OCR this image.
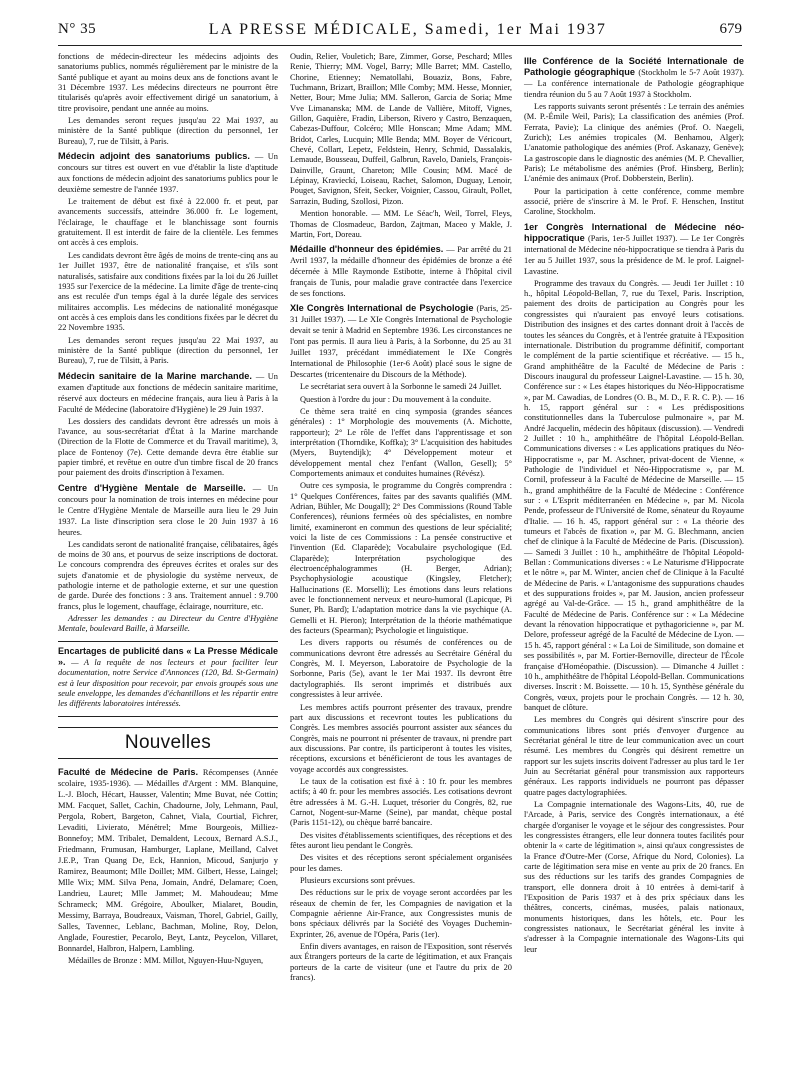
N° 35	LA PRESSE MÉDICALE, Samedi, 1er Mai 1937	679

fonctions de médecin-directeur les médecins adjoints des sanatoriums publics, nommés régulièrement par le ministre de la Santé publique et ayant au moins deux ans de fonctions avant le 31 Décembre 1937. Les médecins directeurs ne pourront être titularisés qu'après avoir effectivement dirigé un sanatorium, à titre provisoire, pendant une année au moins.

Les demandes seront reçues jusqu'au 22 Mai 1937, au ministère de la Santé publique (direction du personnel, 1er Bureau), 7, rue de Tilsitt, à Paris.

Médecin adjoint des sanatoriums publics. — Un concours sur titres est ouvert en vue d'établir la liste d'aptitude aux fonctions de médecin adjoint des sanatoriums publics pour le deuxième semestre de l'année 1937.

Le traitement de début est fixé à 22.000 fr. et peut, par avancements successifs, atteindre 36.000 fr. Le logement, l'éclairage, le chauffage et le blanchissage sont fournis gratuitement. Il est interdit de faire de la clientèle. Les femmes ont accès à ces emplois.

Les candidats devront être âgés de moins de trente-cinq ans au 1er Juillet 1937, être de nationalité française, et s'ils sont naturalisés, satisfaire aux conditions fixées par la loi du 26 Juillet 1935 sur l'exercice de la médecine. La limite d'âge de trente-cinq ans est reculée d'un temps égal à la durée légale des services militaires accomplis. Les médecins de nationalité monégasque ont accès à ces emplois dans les conditions fixées par le décret du 22 Novembre 1935.

Les demandes seront reçues jusqu'au 22 Mai 1937, au ministère de la Santé publique (direction du personnel, 1er Bureau), 7, rue de Tilsitt, à Paris.

Médecin sanitaire de la Marine marchande. — Un examen d'aptitude aux fonctions de médecin sanitaire maritime, réservé aux docteurs en médecine français, aura lieu à Paris à la Faculté de Médecine (laboratoire d'Hygiène) le 29 Juin 1937.

Les dossiers des candidats devront être adressés un mois à l'avance, au sous-secrétariat d'État à la Marine marchande (Direction de la Flotte de Commerce et du Travail maritime), 3, place de Fontenoy (7e). Cette demande devra être établie sur papier timbré, et revêtue en outre d'un timbre fiscal de 20 francs pour paiement des droits d'inscription à l'examen.

Centre d'Hygiène Mentale de Marseille. — Un concours pour la nomination de trois internes en médecine pour le Centre d'Hygiène Mentale de Marseille aura lieu le 29 Juin 1937. La liste d'inscription sera close le 20 Juin 1937 à 16 heures.

Les candidats seront de nationalité française, célibataires, âgés de moins de 30 ans, et pourvus de seize inscriptions de doctorat. Le concours comprendra des épreuves écrites et orales sur des sujets d'anatomie et de physiologie du système nerveux, de pathologie interne et de pathologie externe, et sur une question de garde. Durée des fonctions : 3 ans. Traitement annuel : 9.700 francs, plus le logement, chauffage, éclairage, nourriture, etc.

Adresser les demandes : au Directeur du Centre d'Hygiène Mentale, boulevard Baille, à Marseille.

Encartages de publicité dans « La Presse Médicale ». — A la requête de nos lecteurs et pour faciliter leur documentation, notre Service d'Annonces (120, Bd. St-Germain) est à leur disposition pour recevoir, par envois groupés sous une seule enveloppe, les demandes d'échantillons et les répartir entre les différents laboratoires intéressés.

Nouvelles
Faculté de Médecine de Paris. Récompenses (Année scolaire, 1935-1936). — Médailles d'Argent : MM. Blanquine, L.-J. Bloch, Hécart, Hausser, Valentin; Mme Buvat, née Cottin; MM. Facquet, Sallet, Cachin, Chadourne, Joly, Lehmann, Paul, Pergola, Robert, Bargeton, Cahnet, Viala, Courtial, Fichrer, Levaditi, Livierato, Ménétrel; Mme Bourgeois, Milliez-Bonnefoy; MM. Tribalet, Demaldent, Lecoux, Bernard A.S.J., Friedmann, Frumusan, Hamburger, Laplane, Meilland, Calvet J.E.P., Tran Quang De, Eck, Hannion, Micoud, Sanjurjo y Ramirez, Beaumont; Mlle Doillet; MM. Gilbert, Hesse, Laingel; Mlle Wix; MM. Silva Pena, Jomain, André, Delamare; Coen, Landrieu, Lauret; Mlle Jammet; M. Mahoudeau; Mme Schrameck; MM. Grégoire, Aboulker, Mialaret, Boudin, Messimy, Barraya, Boudreaux, Vaisman, Thorel, Gabriel, Gailly, Salles, Tavennec, Leblanc, Bachman, Moline, Roy, Delon, Anglade, Fourestier, Pecarolo, Beyt, Lantz, Peycelon, Villaret, Bonnardel, Halbron, Halpern, Lambling.

Médailles de Bronze : MM. Millot, Nguyen-Huu-Nguyen,

Oudin, Relier, Vouletich; Bare, Zimmer, Gorse, Peschard; Mlles Renie, Thierry; MM. Vogel, Barry; Mlle Barret; MM. Castello, Chorine, Etienney; Nematollahi, Bouaziz, Bons, Fabre, Tuchmann, Brizart, Braillon; Mlle Comby; MM. Hesse, Monnier, Netter, Bour; Mme Julia; MM. Salleron, Garcia de Soria; Mme Vve Limananska; MM. de Lande de Vallière, Mitoff, Vignes, Gillon, Gaquière, Fradin, Liberson, Rivero y Castro, Benzaquen, Cabezas-Duffour, Colcéro; Mlle Honscan; Mme Adam; MM. Bridot, Carles, Lucquin; Mlle Benda; MM. Boyer de Véricourt, Chevé, Collart, Lepetz, Feldstein, Henry, Schmid, Dassalakis, Lemaude, Bousseau, Duffeil, Galbrun, Ravelo, Daniels, François-Dainville, Graunt, Chareton; Mlle Cousin; MM. Macé de Lépinay, Kravieckí, Loiseau, Rachet, Salomon, Duguay, Lenoir, Pouget, Savignon, Sfeit, Secker, Voignier, Cassou, Girault, Pollet, Sarrazin, Buding, Szollosi, Pizon.

Mention honorable. — MM. Le Séac'h, Weil, Torrel, Fleys, Thomas de Closmadeuc, Bardon, Zajtman, Maceo y Makle, J. Martin, Fort, Doreau.

Médaille d'honneur des épidémies. — Par arrêté du 21 Avril 1937, la médaille d'honneur des épidémies de bronze a été décernée à Mlle Raymonde Estibotte, interne à l'hôpital civil français de Tunis, pour maladie grave contractée dans l'exercice de ses fonctions.
XIe Congrès International de Psychologie (Paris, 25-31 Juillet 1937). — Le XIe Congrès International de Psychologie devait se tenir à Madrid en Septembre 1936. Les circonstances ne l'ont pas permis. Il aura lieu à Paris, à la Sorbonne, du 25 au 31 Juillet 1937, précédant immédiatement le IXe Congrès International de Philosophie (1er-6 Août) placé sous le signe de Descartes (tricentenaire du Discours de la Méthode).

Le secrétariat sera ouvert à la Sorbonne le samedi 24 Juillet.

Question à l'ordre du jour : Du mouvement à la conduite.

Ce thème sera traité en cinq symposia (grandes séances générales) : 1° Morphologie des mouvements (A. Michotte, rapporteur); 2° Le rôle de l'effet dans l'apprentissage et son interprétation (Thorndike, Koffka); 3° L'acquisition des habitudes (Myers, Buytendijk); 4° Développement moteur et développement mental chez l'enfant (Wallon, Gesell); 5° Comportements animaux et conduites humaines (Révész).

Outre ces symposia, le programme du Congrès comprendra : 1° Quelques Conférences, faites par des savants qualifiés (MM. Adrian, Bühler, Mc Dougall); 2° Des Commissions (Round Table Conferences), réunions fermées où des spécialistes, en nombre limité, examineront en commun des questions de leur spécialité; voici la liste de ces Commissions : La pensée constructive et l'invention (Ed. Claparède); Vocabulaire psychologique (Ed. Claparède); Interprétation psychologique des électroencéphalogrammes (H. Berger, Adrian); Psychophysiologie acoustique (Kingsley, Fletcher); Hallucinations (E. Morselli); Les émotions dans leurs relations avec le fonctionnement nerveux et neuro-humoral (Lapicque, Pi Suner, Ph. Bard); L'adaptation motrice dans la vie psychique (A. Gemelli et H. Pieron); Interprétation de la théorie mathématique des facteurs (Spearman); Psychologie et linguistique.

Les divers rapports ou résumés de conférences ou de communications devront être adressés au Secrétaire Général du Congrès, M. I. Meyerson, Laboratoire de Psychologie de la Sorbonne, Paris (5e), avant le 1er Mai 1937. Ils devront être dactylographiés. Ils seront imprimés et distribués aux congressistes à leur arrivée.

Les membres actifs pourront présenter des travaux, prendre part aux discussions et recevront toutes les publications du Congrès. Les membres associés pourront assister aux séances du Congrès, mais ne pourront ni présenter de travaux, ni prendre part aux discussions. Par contre, ils participeront à toutes les visites, réceptions, excursions et bénéficieront de tous les avantages de voyage accordés aux congressistes.

Le taux de la cotisation est fixé à : 10 fr. pour les membres actifs; à 40 fr. pour les membres associés. Les cotisations devront être adressées à M. G.-H. Luquet, trésorier du Congrès, 82, rue Carnot, Nogent-sur-Marne (Seine), par mandat, chèque postal (Paris 1151-12), ou chèque barré bancaire.

Des visites d'établissements scientifiques, des réceptions et des fêtes auront lieu pendant le Congrès.

Des visites et des réceptions seront spécialement organisées pour les dames.

Plusieurs excursions sont prévues.

Des réductions sur le prix de voyage seront accordées par les réseaux de chemin de fer, les Compagnies de navigation et la Compagnie aérienne Air-France, aux Congressistes munis de bons spéciaux délivrés par la Société des Voyages Duchemin-Exprinter, 26, avenue de l'Opéra, Paris (1er).

Enfin divers avantages, en raison de l'Exposition, sont réservés aux Étrangers porteurs de la carte de légitimation, et aux Français porteurs de la carte de visiteur (une et l'autre du prix de 20 francs).

IIIe Conférence de la Société Internationale de Pathologie géographique (Stockholm le 5-7 Août 1937). — La conférence internationale de Pathologie géographique tiendra réunion du 5 au 7 Août 1937 à Stockholm.

Les rapports suivants seront présentés : Le terrain des anémies (M. P.-Émile Weil, Paris); La classification des anémies (Prof. Ferrata, Pavie); La clinique des anémies (Prof. O. Naegeli, Zurich); Les anémies tropicales (M. Benhamou, Alger); L'anatomie pathologique des anémies (Prof. Askanazy, Genève); La gastroscopie dans le diagnostic des anémies (M. P. Chevallier, Paris); Le métabolisme des anémies (Prof. Hinsberg, Berlin); L'anémie des animaux (Prof. Dobberstein, Berlin).

Pour la participation à cette conférence, comme membre associé, prière de s'inscrire à M. le Prof. F. Henschen, Institut Caroline, Stockholm.

1er Congrès International de Médecine néo-hippocratique (Paris, 1er-5 Juillet 1937). — Le 1er Congrès international de Médecine néo-hippocratique se tiendra à Paris du 1er au 5 Juillet 1937, sous la présidence de M. le prof. Laignel-Lavastine.

Programme des travaux du Congrès. — Jeudi 1er Juillet : 10 h., hôpital Léopold-Bellan, 7, rue du Texel, Paris. Inscription, paiement des droits de participation au Congrès pour les congressistes qui n'auraient pas envoyé leurs cotisations. Distribution des insignes et des cartes donnant droit à l'accès de toutes les séances du Congrès, et à l'entrée gratuite à l'Exposition internationale. Distribution du programme définitif, comportant le complément de la partie scientifique et récréative. — 15 h., Grand amphithéâtre de la Faculté de Médecine de Paris : Discours inaugural du professeur Laignel-Lavastine. — 15 h. 30, Conférence sur : « Les étapes historiques du Néo-Hippocratisme », par M. Cawadias, de Londres (O. B., M. D., F. R. C. P.). — 16 h. 15, rapport général sur : « Les prédispositions constitutionnelles dans la Tuberculose pulmonaire », par M. André Jacquelin, médecin des hôpitaux (discussion). — Vendredi 2 Juillet : 10 h., amphithéâtre de l'hôpital Léopold-Bellan. Communications diverses : « Les applications pratiques du Néo-Hippocratisme », par M. Aschner, privat-docent de Vienne, « Pathologie de l'individuel et Néo-Hippocratisme », par M. Cornil, professeur à la Faculté de Médecine de Marseille. — 15 h., grand amphithéâtre de la Faculté de Médecine : Conférence sur : « L'Esprit méditerranéen en Médecine », par M. Nicola Pende, professeur de l'Université de Rome, sénateur du Royaume d'Italie. — 16 h. 45, rapport général sur : « La théorie des tumeurs et l'abcès de fixation », par M. G. Blechmann, ancien chef de clinique à la Faculté de Médecine de Paris. (Discussion). — Samedi 3 Juillet : 10 h., amphithéâtre de l'hôpital Léopold-Bellan : Communications diverses : « Le Naturisme d'Hippocrate et le nôtre », par M. Winter, ancien chef de Clinique à la Faculté de Médecine de Paris. « L'antagonisme des suppurations chaudes et des suppurations froides », par M. Jausion, ancien professeur agrégé au Val-de-Grâce. — 15 h., grand amphithéâtre de la Faculté de Médecine de Paris. Conférence sur : « La Médecine devant la rénovation hippocratique et pythagoricienne », par M. Delore, professeur agrégé de la Faculté de Médecine de Lyon. — 15 h. 45, rapport général : « La Loi de Similitude, son domaine et ses possibilités », par M. Fortier-Bernoville, directeur de l'École française d'Homéopathie. (Discussion). — Dimanche 4 Juillet : 10 h., amphithéâtre de l'hôpital Léopold-Bellan. Communications diverses. Inscrit : M. Boissette. — 10 h. 15, Synthèse générale du Congrès, vœux, projets pour le prochain Congrès. — 12 h. 30, banquet de clôture.

Les membres du Congrès qui désirent s'inscrire pour des communications libres sont priés d'envoyer d'urgence au Secrétariat général le titre de leur communication avec un court résumé. Les membres du Congrès qui désirent remettre un rapport sur les sujets inscrits doivent l'adresser au plus tard le 1er Juin au Secrétariat général pour transmission aux rapporteurs généraux. Les rapports individuels ne pourront pas dépasser quatre pages dactylographiées.

La Compagnie internationale des Wagons-Lits, 40, rue de l'Arcade, à Paris, service des Congrès internationaux, a été chargée d'organiser le voyage et le séjour des congressistes. Pour les congressistes étrangers, elle leur donnera toutes facilités pour obtenir la « carte de légitimation », ainsi qu'aux congressistes de la France d'Outre-Mer (Corse, Afrique du Nord, Colonies). La carte de légitimation sera mise en vente au prix de 20 francs. En sus des réductions sur les tarifs des grandes Compagnies de transport, elle donnera droit à 10 entrées à demi-tarif à l'Exposition de Paris 1937 et à des prix spéciaux dans les théâtres, concerts, cinémas, musées, palais nationaux, monuments historiques, dans les hôtels, etc. Pour les congressistes nationaux, le Secrétariat général les invite à s'adresser à la Compagnie internationale des Wagons-Lits qui leur
